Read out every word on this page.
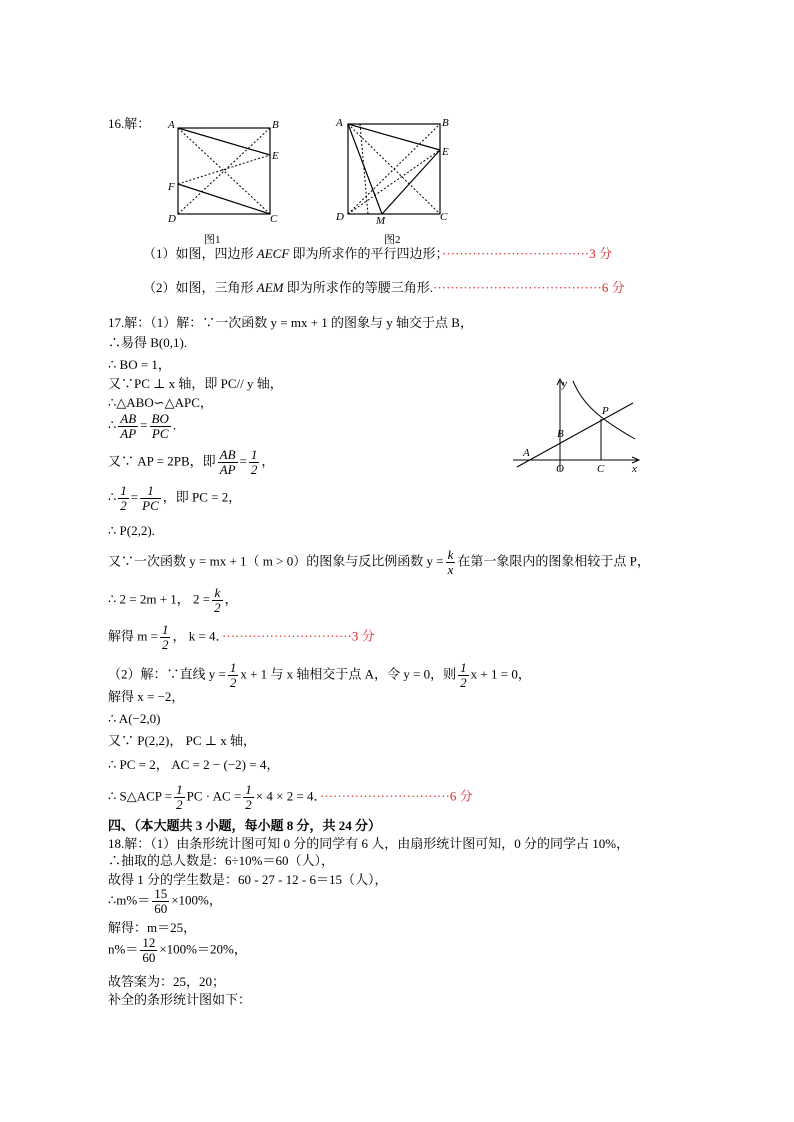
16.解： A	B
E
F
D	C
图1
A	B
E
D	M	C
图2
（1）如图，四边形 AECF 即为所求作的平行四边形；··································3 分
（2）如图，三角形 AEM 即为所求作的等腰三角形.·······································6 分
17.解：（1）解：∵一次函数 y = mx + 1 的图象与 y 轴交于点 B，
∴易得 B(0,1).
∴ BO = 1，
又∵PC ⊥ x 轴，即 PC// y 轴，
∴△ABO∽△APC，
∴ $\frac{AB}{AP} = \frac{BO}{PC}$ .
又∵ AP = 2PB，即 $\frac{AB}{AP} = \frac{1}{2}$ ，
∴ $\frac{1}{2} = \frac{1}{PC}$ ，即 PC = 2，
∴ P(2,2).
y
x
P
B
A
O	C
又∵一次函数 y = mx + 1（ m > 0）的图象与反比例函数 $y = \frac{k}{x}$ 在第一象限内的图象相较于点 P，
∴ 2 = 2m + 1， $2 = \frac{k}{2}$ ，
解得 $m = \frac{1}{2}$ ， k = 4．······························3 分
（2）解：∵直线 $y = \frac{1}{2}$ x + 1 与 x 轴相交于点 A，令 y = 0，则 $\frac{1}{2}$ x + 1 = 0，
解得 x = −2，
∴ A(−2,0)
又∵ P(2,2)， PC ⊥ x 轴，
∴ PC = 2， AC = 2 − (−2) = 4，
∴ S△ACP = $\frac{1}{2}$ PC · AC = $\frac{1}{2} \times 4 \times 2 = 4$．······························6 分
四、（本大题共 3 小题，每小题 8 分，共 24 分）
18.解：（1）由条形统计图可知 0 分的同学有 6 人，由扇形统计图可知，0 分的同学占 10%，
∴抽取的总人数是：6÷10%＝60（人），
故得 1 分的学生数是：60 - 27 - 12 - 6＝15（人），
∴m%＝ $\frac{15}{60} \times 100\%$，
解得：m＝25，
$n\%= \frac{12}{60} \times 100\%=20\%$，
故答案为：25，20；
补全的条形统计图如下：
